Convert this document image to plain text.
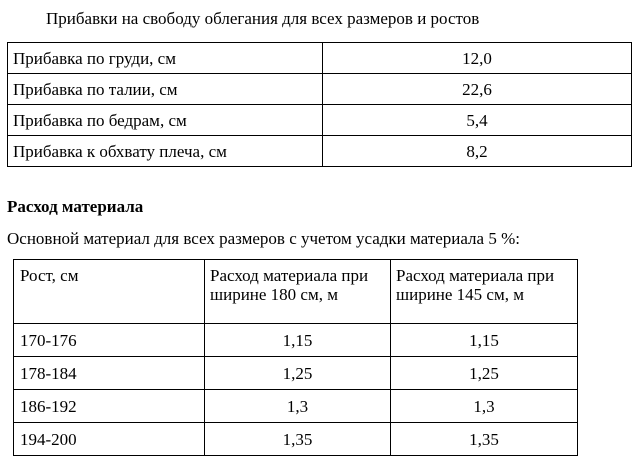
Прибавки на свободу облегания для всех размеров и ростов
Прибавка по груди, см	12,0
Прибавка по талии, см	22,6
Прибавка по бедрам, см	5,4
Прибавка к обхвату плеча, см	8,2
Расход материала
Основной материал для всех размеров с учетом усадки материала 5 %:
Рост, см	Расход материала при ширине 180 см, м	Расход материала при ширине 145 см, м
170-176	1,15	1,15
178-184	1,25	1,25
186-192	1,3	1,3
194-200	1,35	1,35
